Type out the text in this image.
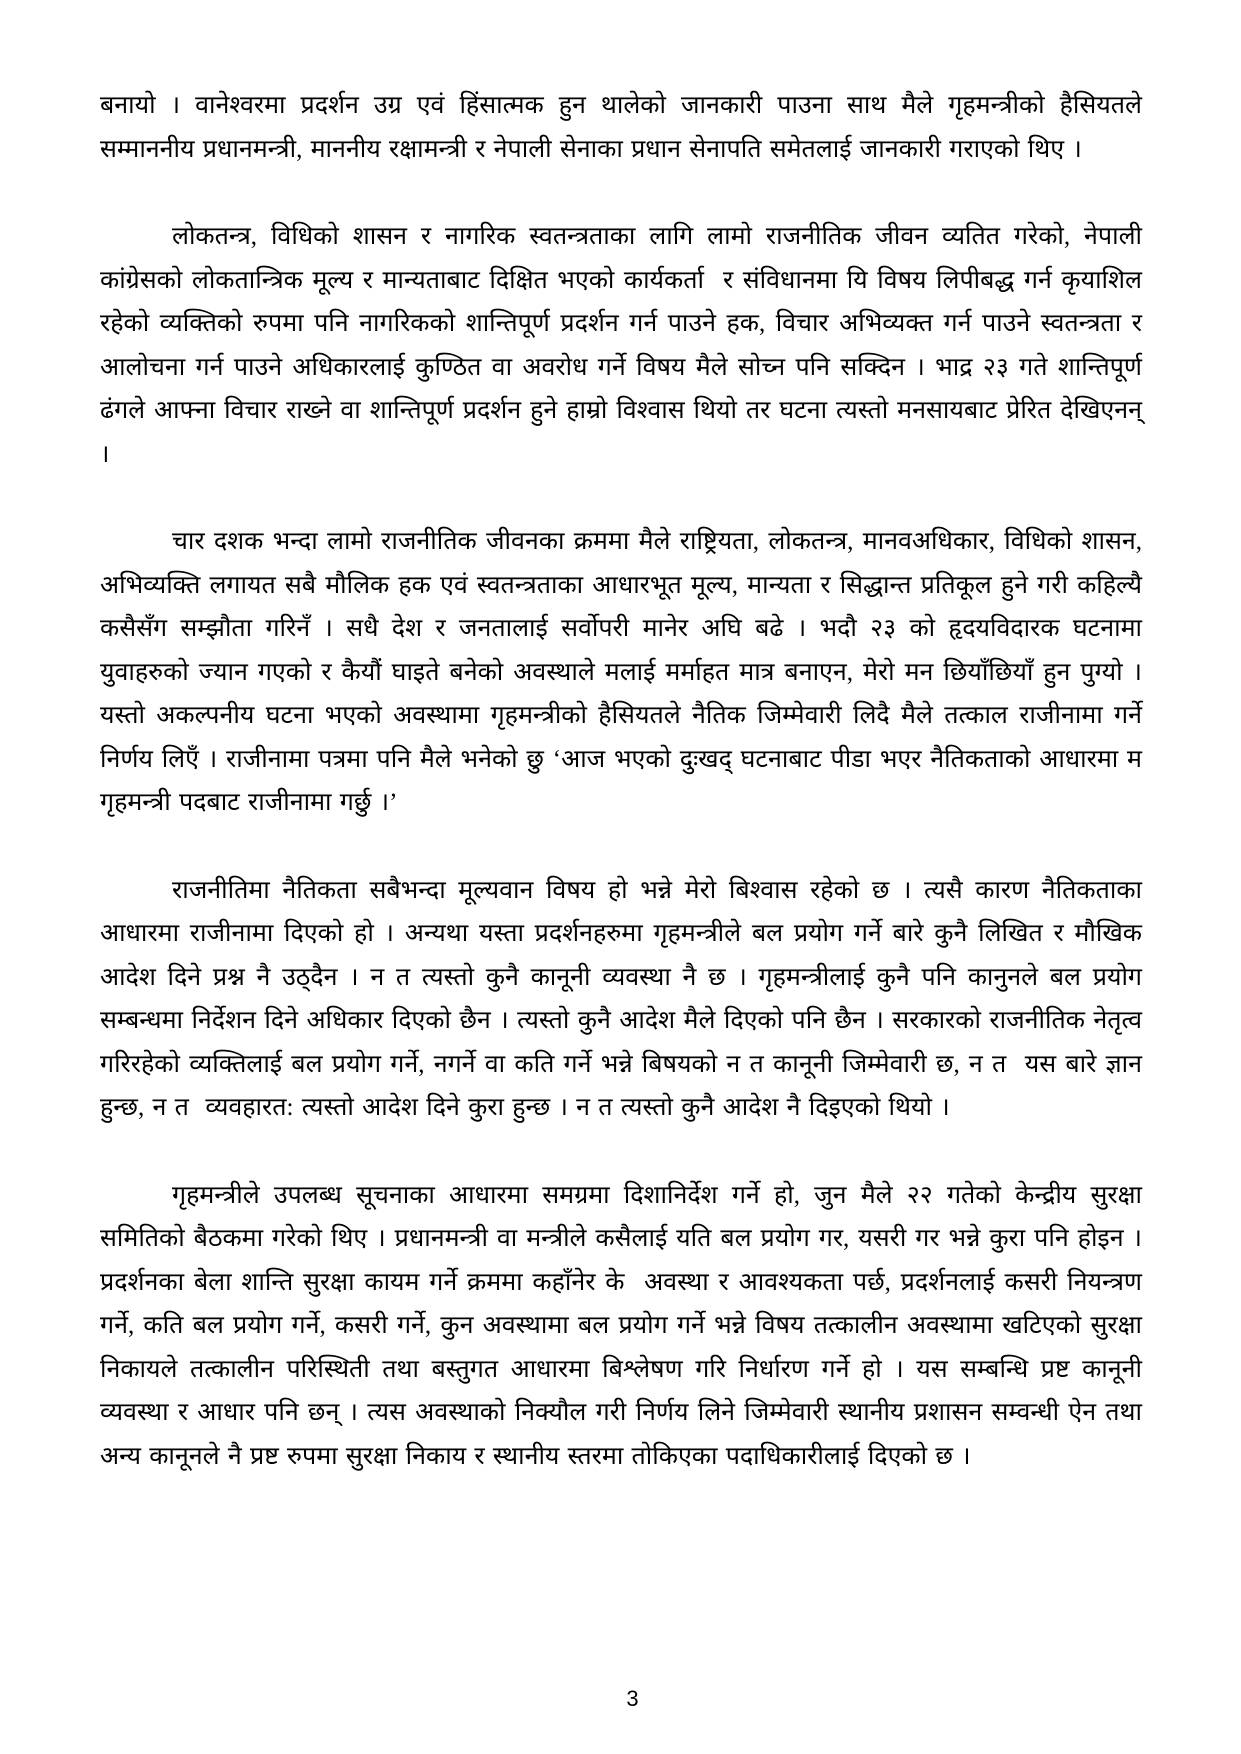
बनायो । वानेश्वरमा प्रदर्शन उग्र एवं हिंसात्मक हुन थालेको जानकारी पाउना साथ मैले गृहमन्त्रीको हैसियतले सम्माननीय प्रधानमन्त्री, माननीय रक्षामन्त्री र नेपाली सेनाका प्रधान सेनापति समेतलाई जानकारी गराएको थिए ।

लोकतन्त्र, विधिको शासन र नागरिक स्वतन्त्रताका लागि लामो राजनीतिक जीवन व्यतित गरेको, नेपाली कांग्रेसको लोकतान्त्रिक मूल्य र मान्यताबाट दिक्षित भएको कार्यकर्ता  र संविधानमा यि विषय लिपीबद्ध गर्न कृयाशिल रहेको व्यक्तिको रुपमा पनि नागरिकको शान्तिपूर्ण प्रदर्शन गर्न पाउने हक, विचार अभिव्यक्त गर्न पाउने स्वतन्त्रता र आलोचना गर्न पाउने अधिकारलाई कुण्ठित वा अवरोध गर्ने विषय मैले सोच्न पनि सक्दिन । भाद्र २३ गते शान्तिपूर्ण ढंगले आफ्ना विचार राख्ने वा शान्तिपूर्ण प्रदर्शन हुने हाम्रो विश्वास थियो तर घटना त्यस्तो मनसायबाट प्रेरित देखिएनन् ।

चार दशक भन्दा लामो राजनीतिक जीवनका क्रममा मैले राष्ट्रियता, लोकतन्त्र, मानवअधिकार, विधिको शासन, अभिव्यक्ति लगायत सबै मौलिक हक एवं स्वतन्त्रताका आधारभूत मूल्य, मान्यता र सिद्धान्त प्रतिकूल हुने गरी कहिल्यै कसैसँग सम्झौता गरिनँ । सधै देश र जनतालाई सर्वोपरी मानेर अघि बढे । भदौ २३ को हृदयविदारक घटनामा युवाहरुको ज्यान गएको र कैयौं घाइते बनेको अवस्थाले मलाई मर्माहत मात्र बनाएन, मेरो मन छियाँछियाँ हुन पुग्यो । यस्तो अकल्पनीय घटना भएको अवस्थामा गृहमन्त्रीको हैसियतले नैतिक जिम्मेवारी लिदै मैले तत्काल राजीनामा गर्ने निर्णय लिएँ । राजीनामा पत्रमा पनि मैले भनेको छु ‘आज भएको दुःखद् घटनाबाट पीडा भएर नैतिकताको आधारमा म गृहमन्त्री पदबाट राजीनामा गर्छु ।’

राजनीतिमा नैतिकता सबैभन्दा मूल्यवान विषय हो भन्ने मेरो बिश्वास रहेको छ । त्यसै कारण नैतिकताका आधारमा राजीनामा दिएको हो । अन्यथा यस्ता प्रदर्शनहरुमा गृहमन्त्रीले बल प्रयोग गर्ने बारे कुनै लिखित र मौखिक आदेश दिने प्रश्न नै उठ्दैन । न त त्यस्तो कुनै कानूनी व्यवस्था नै छ । गृहमन्त्रीलाई कुनै पनि कानुनले बल प्रयोग सम्बन्धमा निर्देशन दिने अधिकार दिएको छैन । त्यस्तो कुनै आदेश मैले दिएको पनि छैन । सरकारको राजनीतिक नेतृत्व गरिरहेको व्यक्तिलाई बल प्रयोग गर्ने, नगर्ने वा कति गर्ने भन्ने बिषयको न त कानूनी जिम्मेवारी छ, न त  यस बारे ज्ञान हुन्छ, न त  व्यवहारत: त्यस्तो आदेश दिने कुरा हुन्छ । न त त्यस्तो कुनै आदेश नै दिइएको थियो ।

गृहमन्त्रीले उपलब्ध सूचनाका आधारमा समग्रमा दिशानिर्देश गर्ने हो, जुन मैले २२ गतेको केन्द्रीय सुरक्षा समितिको बैठकमा गरेको थिए । प्रधानमन्त्री वा मन्त्रीले कसैलाई यति बल प्रयोग गर, यसरी गर भन्ने कुरा पनि होइन । प्रदर्शनका बेला शान्ति सुरक्षा कायम गर्ने क्रममा कहाँनेर के  अवस्था र आवश्यकता पर्छ, प्रदर्शनलाई कसरी नियन्त्रण गर्ने, कति बल प्रयोग गर्ने, कसरी गर्ने, कुन अवस्थामा बल प्रयोग गर्ने भन्ने विषय तत्कालीन अवस्थामा खटिएको सुरक्षा निकायले तत्कालीन परिस्थिती तथा बस्तुगत आधारमा बिश्लेषण गरि निर्धारण गर्ने हो । यस सम्बन्धि प्रष्ट कानूनी व्यवस्था र आधार पनि छन् । त्यस अवस्थाको निक्यौल गरी निर्णय लिने जिम्मेवारी स्थानीय प्रशासन सम्वन्धी ऐन तथा अन्य कानूनले नै प्रष्ट रुपमा सुरक्षा निकाय र स्थानीय स्तरमा तोकिएका पदाधिकारीलाई दिएको छ ।

3
